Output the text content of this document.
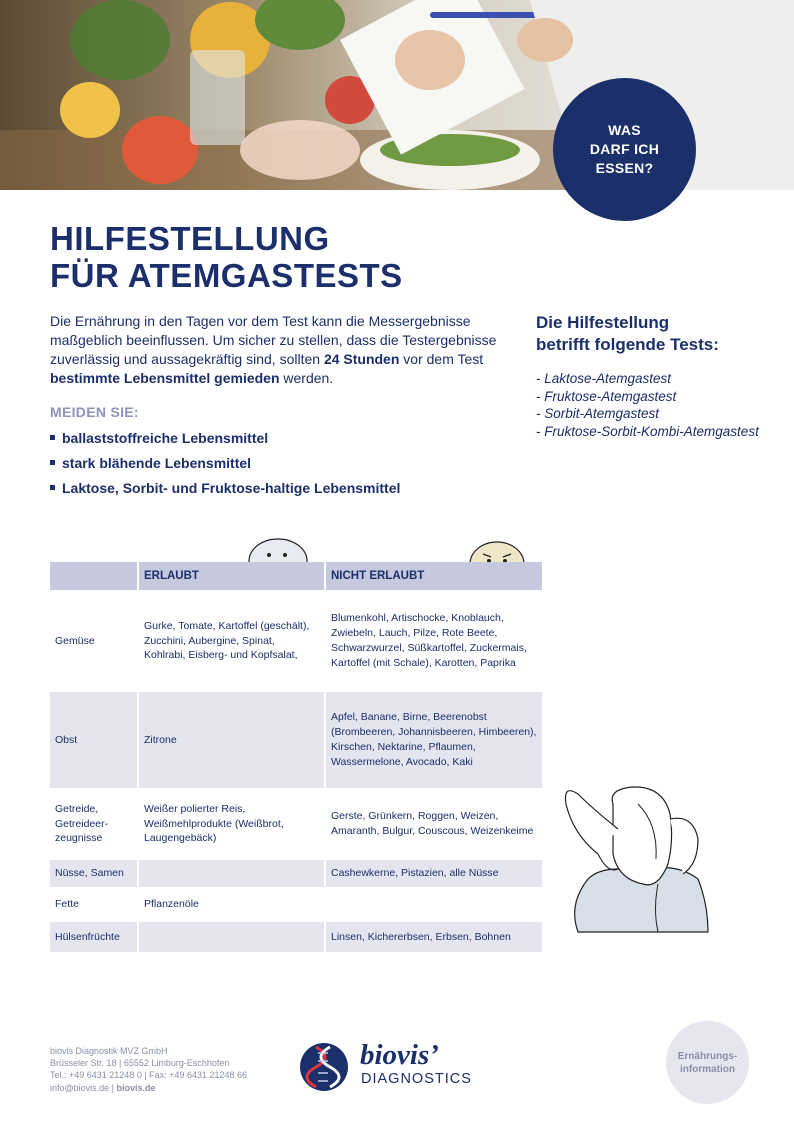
WAS
DARF ICH
ESSEN?
HILFESTELLUNG
FÜR ATEMGASTESTS

Die Ernährung in den Tagen vor dem Test kann die Messergebnisse maßgeblich beeinflussen. Um sicher zu stellen, dass die Testergebnisse zuverlässig und aussagekräftig sind, sollten 24 Stunden vor dem Test bestimmte Lebensmittel gemieden werden.

MEIDEN SIE:
ballaststoffreiche Lebensmittel
stark blähende Lebensmittel
Laktose, Sorbit- und Fruktose-haltige Lebensmittel
Die Hilfestellung
betrifft folgende Tests:
- Laktose-Atemgastest
- Fruktose-Atemgastest
- Sorbit-Atemgastest
- Fruktose-Sorbit-Kombi-Atemgastest
	ERLAUBT	NICHT ERLAUBT

Gemüse	Gurke, Tomate, Kartoffel (geschält), Zucchini, Aubergine, Spinat, Kohlrabi, Eisberg- und Kopfsalat,	Blumenkohl, Artischocke, Knoblauch, Zwiebeln, Lauch, Pilze, Rote Beete, Schwarzwurzel, Süßkartoffel, Zuckermais, Kartoffel (mit Schale), Karotten, Paprika

Obst	Zitrone	Apfel, Banane, Birne, Beerenobst (Brombeeren, Johannisbeeren, Himbeeren), Kirschen, Nektarine, Pflaumen, Wassermelone, Avocado, Kaki

Getreide, Getreideerzeugnisse	Weißer polierter Reis, Weißmehlprodukte (Weißbrot, Laugengebäck)	Gerste, Grünkern, Roggen, Weizen, Amaranth, Bulgur, Couscous, Weizenkeime

Nüsse, Samen		Cashewkerne, Pistazien, alle Nüsse

Fette	Pflanzenöle	

Hülsenfrüchte		Linsen, Kichererbsen, Erbsen, Bohnen
biovis Diagnostik MVZ GmbH
Brüsseler Str. 18 | 65552 Limburg-Eschhofen
Tel.: +49 6431 21248 0 | Fax: +49 6431 21248 66
info@biovis.de | biovis.de
biovis’
DIAGNOSTICS
Ernährungs-
information
